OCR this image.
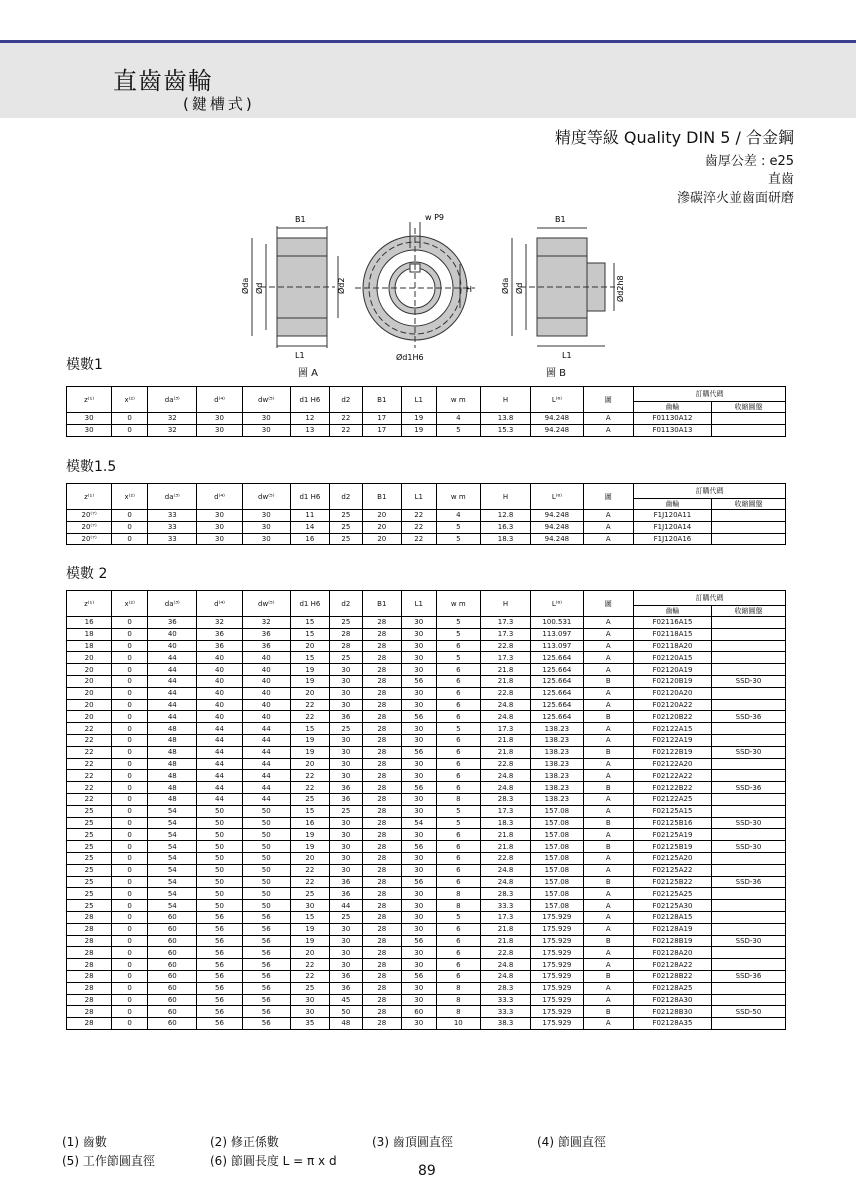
直齒齒輪
(鍵槽式)
精度等級 Quality DIN 5 / 合金鋼
齒厚公差 : e25
直齒
滲碳淬火並齒面研磨
B1
L1
Øda Ød	Ød2
w P9
H
Ød1H6
B1
L1
Øda Ød	Ød2h8
圖 A	圖 B
模數1
z⁽¹⁾	x⁽²⁾	da⁽³⁾	d⁽⁴⁾	dw⁽⁵⁾	d1 H6	d2	B1	L1	w m	H	L⁽⁶⁾	圖	訂購代碼	
													齒輪	收縮圓盤
30	0	32	30	30	12	22	17	19	4	13.8	94.248	A	F01130A12	
30	0	32	30	30	13	22	17	19	5	15.3	94.248	A	F01130A13	
模數1.5
z⁽¹⁾	x⁽²⁾	da⁽³⁾	d⁽⁴⁾	dw⁽⁵⁾	d1 H6	d2	B1	L1	w m	H	L⁽⁶⁾	圖	訂購代碼	
													齒輪	收縮圓盤
20⁽⁷⁾	0	33	30	30	11	25	20	22	4	12.8	94.248	A	F1J120A11	
20⁽⁷⁾	0	33	30	30	14	25	20	22	5	16.3	94.248	A	F1J120A14	
20⁽⁷⁾	0	33	30	30	16	25	20	22	5	18.3	94.248	A	F1J120A16	
模數 2
z⁽¹⁾	x⁽²⁾	da⁽³⁾	d⁽⁴⁾	dw⁽⁵⁾	d1 H6	d2	B1	L1	w m	H	L⁽⁶⁾	圖	訂購代碼	
													齒輪	收縮圓盤
16	0	36	32	32	15	25	28	30	5	17.3	100.531	A	F02116A15	
18	0	40	36	36	15	28	28	30	5	17.3	113.097	A	F02118A15	
18	0	40	36	36	20	28	28	30	6	22.8	113.097	A	F02118A20	
20	0	44	40	40	15	25	28	30	5	17.3	125.664	A	F02120A15	
20	0	44	40	40	19	30	28	30	6	21.8	125.664	A	F02120A19	
20	0	44	40	40	19	30	28	56	6	21.8	125.664	B	F02120B19	SSD-30
20	0	44	40	40	20	30	28	30	6	22.8	125.664	A	F02120A20	
20	0	44	40	40	22	30	28	30	6	24.8	125.664	A	F02120A22	
20	0	44	40	40	22	36	28	56	6	24.8	125.664	B	F02120B22	SSD-36
22	0	48	44	44	15	25	28	30	5	17.3	138.23	A	F02122A15	
22	0	48	44	44	19	30	28	30	6	21.8	138.23	A	F02122A19	
22	0	48	44	44	19	30	28	56	6	21.8	138.23	B	F02122B19	SSD-30
22	0	48	44	44	20	30	28	30	6	22.8	138.23	A	F02122A20	
22	0	48	44	44	22	30	28	30	6	24.8	138.23	A	F02122A22	
22	0	48	44	44	22	36	28	56	6	24.8	138.23	B	F02122B22	SSD-36
22	0	48	44	44	25	36	28	30	8	28.3	138.23	A	F02122A25	
25	0	54	50	50	15	25	28	30	5	17.3	157.08	A	F02125A15	
25	0	54	50	50	16	30	28	54	5	18.3	157.08	B	F02125B16	SSD-30
25	0	54	50	50	19	30	28	30	6	21.8	157.08	A	F02125A19	
25	0	54	50	50	19	30	28	56	6	21.8	157.08	B	F02125B19	SSD-30
25	0	54	50	50	20	30	28	30	6	22.8	157.08	A	F02125A20	
25	0	54	50	50	22	30	28	30	6	24.8	157.08	A	F02125A22	
25	0	54	50	50	22	36	28	56	6	24.8	157.08	B	F02125B22	SSD-36
25	0	54	50	50	25	36	28	30	8	28.3	157.08	A	F02125A25	
25	0	54	50	50	30	44	28	30	8	33.3	157.08	A	F02125A30	
28	0	60	56	56	15	25	28	30	5	17.3	175.929	A	F02128A15	
28	0	60	56	56	19	30	28	30	6	21.8	175.929	A	F02128A19	
28	0	60	56	56	19	30	28	56	6	21.8	175.929	B	F02128B19	SSD-30
28	0	60	56	56	20	30	28	30	6	22.8	175.929	A	F02128A20	
28	0	60	56	56	22	30	28	30	6	24.8	175.929	A	F02128A22	
28	0	60	56	56	22	36	28	56	6	24.8	175.929	B	F02128B22	SSD-36
28	0	60	56	56	25	36	28	30	8	28.3	175.929	A	F02128A25	
28	0	60	56	56	30	45	28	30	8	33.3	175.929	A	F02128A30	
28	0	60	56	56	30	50	28	60	8	33.3	175.929	B	F02128B30	SSD-50
28	0	60	56	56	35	48	28	30	10	38.3	175.929	A	F02128A35	
(1) 齒數	(2) 修正係數	(3) 齒頂圓直徑	(4) 節圓直徑
(5) 工作節圓直徑	(6) 節圓長度 L = π x d
89
